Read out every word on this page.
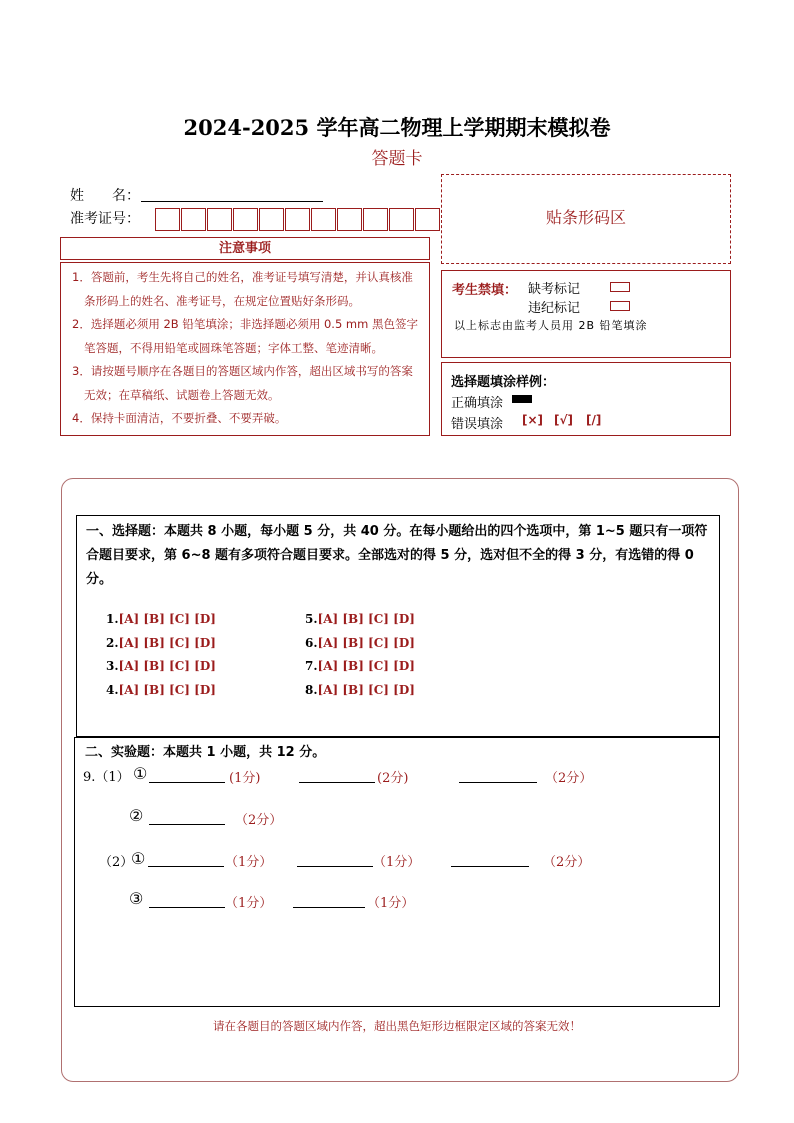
2024-2025 学年高二物理上学期期末模拟卷
答题卡
姓　　名：
准考证号：
注意事项
1．答题前，考生先将自己的姓名，准考证号填写清楚，并认真核准条形码上的姓名、准考证号，在规定位置贴好条形码。
2．选择题必须用 2B 铅笔填涂；非选择题必须用 0.5 mm 黑色签字笔答题，不得用铅笔或圆珠笔答题；字体工整、笔迹清晰。
3．请按题号顺序在各题目的答题区域内作答，超出区域书写的答案无效；在草稿纸、试题卷上答题无效。
4．保持卡面清洁，不要折叠、不要弄破。
贴条形码区
考生禁填： 缺考标记
违纪标记
以上标志由监考人员用 2B 铅笔填涂
选择题填涂样例：
正确填涂
错误填涂 [×] [√] [/]
一、选择题：本题共 8 小题，每小题 5 分，共 40 分。在每小题给出的四个选项中，第 1~5 题只有一项符合题目要求，第 6~8 题有多项符合题目要求。全部选对的得 5 分，选对但不全的得 3 分，有选错的得 0 分。
1.[A] [B] [C] [D]
2.[A] [B] [C] [D]
3.[A] [B] [C] [D]
4.[A] [B] [C] [D]
5.[A] [B] [C] [D]
6.[A] [B] [C] [D]
7.[A] [B] [C] [D]
8.[A] [B] [C] [D]
二、实验题：本题共 1 小题，共 12 分。
9.（1） ①	(1分)	(2分)	（2分）
②	（2分）
（2）
①	（1分）	（1分）	（2分）
③	（1分）	（1分）
请在各题目的答题区域内作答，超出黑色矩形边框限定区域的答案无效！
